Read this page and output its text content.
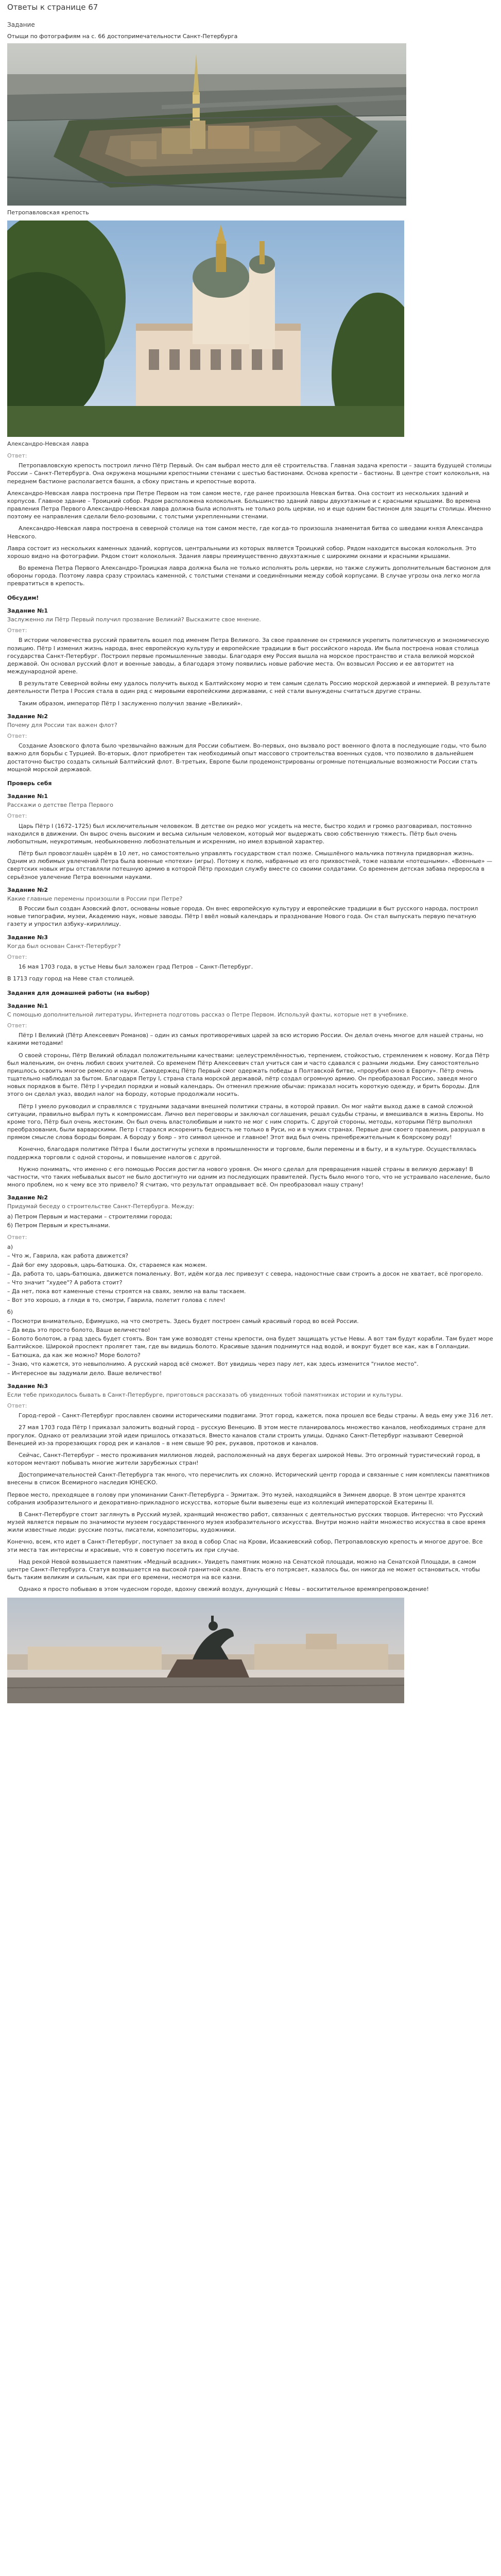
Ответы к странице 67
Задание
Отыщи по фотографиям на с. 66 достопримечательности Санкт-Петербурга
Петропавловская крепость
Александро-Невская лавра
Ответ:

Петропавловскую крепость построил лично Пётр Первый. Он сам выбрал место для её строительства. Главная задача крепости – защита будущей столицы России – Санкт-Петербурга. Она окружена мощными крепостными стенами с шестью бастионами. Основа крепости – бастионы. В центре стоит колокольня, на переднем бастионе располагается башня, а сбоку пристань и крепостные ворота.

Александро-Невская лавра построена при Петре Первом на том самом месте, где ранее произошла Невская битва. Она состоит из нескольких зданий и корпусов. Главное здание – Троицкий собор. Рядом расположена колокольня. Большинство зданий лавры двухэтажные и с красными крышами. Во времена правления Петра Первого Александро-Невская лавра должна была исполнять не только роль церкви, но и еще одним бастионом для защиты столицы. Именно поэтому ее направления сделали бело-розовыми, с толстыми укрепленными стенами.

Александро-Невская лавра построена в северной столице на том самом месте, где когда-то произошла знаменитая битва со шведами князя Александра Невского.

Лавра состоит из нескольких каменных зданий, корпусов, центральными из которых является Троицкий собор. Рядом находится высокая колокольня. Это хорошо видно на фотографии. Рядом стоит колокольня. Здания лавры преимущественно двухэтажные с широкими окнами и красными крышами.

Во времена Петра Первого Александро-Троицкая лавра должна была не только исполнять роль церкви, но также служить дополнительным бастионом для обороны города. Поэтому лавра сразу строилась каменной, с толстыми стенами и соединёнными между собой корпусами. В случае угрозы она легко могла превратиться в крепость.

Обсудим!
Задание №1
Заслуженно ли Пётр Первый получил прозвание Великий? Выскажите свое мнение.
Ответ:

В истории человечества русский правитель вошел под именем Петра Великого. За свое правление он стремился укрепить политическую и экономическую позицию. Пётр I изменил жизнь народа, внес европейскую культуру и европейские традиции в быт российского народа. Им была построена новая столица государства Санкт-Петербург. Построил первые промышленные заводы. Благодаря ему Россия вышла на морское пространство и стала великой морской державой. Он основал русский флот и военные заводы, а благодаря этому появились новые рабочие места. Он возвысил Россию и ее авторитет на международной арене.

В результате Северной войны ему удалось получить выход к Балтийскому морю и тем самым сделать Россию морской державой и империей. В результате деятельности Петра I Россия стала в один ряд с мировыми европейскими державами, с ней стали вынуждены считаться другие страны.

Таким образом, император Пётр I заслуженно получил звание «Великий».

Задание №2
Почему для России так важен флот?
Ответ:

Создание Азовского флота было чрезвычайно важным для России событием. Во-первых, оно вызвало рост военного флота в последующие годы, что было важно для борьбы с Турцией. Во-вторых, флот приобретен так необходимый опыт массового строительства военных судов, что позволило в дальнейшем достаточно быстро создать сильный Балтийский флот. В-третьих, Европе были продемонстрированы огромные потенциальные возможности России стать мощной морской державой.

Проверь себя
Задание №1
Расскажи о детстве Петра Первого
Ответ:

Царь Пётр I (1672–1725) был исключительным человеком. В детстве он редко мог усидеть на месте, быстро ходил и громко разговаривал, постоянно находился в движении. Он вырос очень высоким и весьма сильным человеком, который мог выдержать свою собственную тяжесть. Пётр был очень любопытным, неукротимым, необыкновенно любознательным и искренним, но имел взрывной характер.

Пётр был провозглашён царём в 10 лет, но самостоятельно управлять государством стал позже. Смышлёного мальчика потянула придворная жизнь. Одним из любимых увлечений Петра была военные «потехи» (игры). Потому к полю, набранные из его прихвостней, тоже назвали «потешными». «Военные» — свертских новых игры отставляли потешную армию в которой Пётр проходил службу вместе со своими солдатами. Со временем детская забава переросла в серьёзное увлечение Петра военными науками.

Задание №2
Какие главные перемены произошли в России при Петре?

В России был создан Азовский флот, основаны новые города. Он внес европейскую культуру и европейские традиции в быт русского народа, построил новые типографии, музеи, Академию наук, новые заводы. Пётр I ввёл новый календарь и празднование Нового года. Он стал выпускать первую печатную газету и упростил азбуку–кириллицу.

Задание №3
Когда был основан Санкт-Петербург?
Ответ:

16 мая 1703 года, в устье Невы был заложен град Петров – Санкт-Петербург.

В 1713 году город на Неве стал столицей.

Задания для домашней работы (на выбор)
Задание №1
С помощью дополнительной литературы, Интернета подготовь рассказ о Петре Первом. Используй факты, которые нет в учебнике.
Ответ:

Пётр I Великий (Пётр Алексеевич Романов) – один из самых противоречивых царей за всю историю России. Он делал очень многое для нашей страны, но какими методами!

О своей стороны, Пётр Великий обладал положительными качествами: целеустремлённостью, терпением, стойкостью, стремлением к новому. Когда Пётр был маленьким, он очень любил своих учителей. Со временем Пётр Алексеевич стал учиться сам и часто сдавался с разными людьми. Ему самостоятельно пришлось освоить многое ремесло и науки. Самодержец Пётр Первый смог одержать победы в Полтавской битве, «прорубил окно в Европу». Пётр очень тщательно наблюдал за бытом. Благодаря Петру I, страна стала морской державой, пётр создал огромную армию. Он преобразовал Россию, заведя много новых порядков в быте. Пётр I учредил порядки и новый календарь. Он отменил прежние обычаи: приказал носить короткую одежду, и брить бороды. Для этого он сделал указ, вводил налог на бороду, которые продолжали носить.

Пётр I умело руководил и справлялся с трудными задачами внешней политики страны, в которой правил. Он мог найти выход даже в самой сложной ситуации, правильно выбрал путь к компромиссам. Лично вел переговоры и заключал соглашения, решал судьбы страны, и вмешивался в жизнь Европы. Но кроме того, Пётр был очень жестоким. Он был очень властолюбивым и никто не мог с ним спорить. С другой стороны, методы, которыми Пётр выполнял преобразования, были варварскими. Петр I старался искоренить бедность не только в Руси, но и в чужих странах. Первые дни своего правления, разрушал в прямом смысле слова бороды боярам. А бороду у бояр – это символ ценное и главное! Этот вид был очень пренебрежительным к боярскому роду!

Конечно, благодаря политике Пётра I были достигнуты успехи в промышленности и торговле, были перемены и в быту, и в культуре. Осуществлялась поддержка торговли с одной стороны, и повышение налогов с другой.

Нужно понимать, что именно с его помощью Россия достигла нового уровня. Он много сделал для превращения нашей страны в великую державу! В частности, что таких небывалых высот не было достигнуто ни одним из последующих правителей. Пусть было много того, что не устраивало население, было много проблем, но к чему все это привело? Я считаю, что результат оправдывает всё. Он преобразовал нашу страну!

Задание №2
Придумай беседу о строительстве Санкт-Петербурга. Между:
а) Петром Первым и мастерами – строителями города;
б) Петром Первым и крестьянами.
Ответ:
а)
– Что ж, Гаврила, как работа движется?
– Дай бог ему здоровья, царь-батюшка. Ох, стараемся как можем.
– Да, работа то, царь-батюшка, движется помаленьку. Вот, идём когда лес привезут с севера, надоностные сваи строить а досок не хватает, всё прогорело.
– Что значит "худее"? А работа стоит?
– Да нет, пока вот каменные стены строятся на сваях, землю на валы таскаем.
– Вот это хорошо, а гляди в то, смотри, Гаврила, полетит голова с плеч!
б)
– Посмотри внимательно, Ефимушко, на что смотреть. Здесь будет построен самый красивый город во всей России.
– Да ведь это просто болото, Ваше величество!
– Болото болотом, а град здесь будет стоять. Вон там уже возводят стены крепости, она будет защищать устье Невы. А вот там будут корабли. Там будет море Балтийское. Широкой проспект пролягет там, где вы видишь болото. Красивые здания поднимутся над водой, и вокруг будет все как, как в Голландии.
– Батюшка, да как же можно? Море болото?
– Знаю, что кажется, это невыполнимо. А русский народ всё сможет. Вот увидишь через пару лет, как здесь изменится "гнилое место".
– Интересное вы задумали дело. Ваше величество!
Задание №3
Если тебе приходилось бывать в Санкт-Петербурге, приготовься рассказать об увиденных тобой памятниках истории и культуры.
Ответ:

Город-герой – Санкт-Петербург прославлен своими историческими подвигами. Этот город, кажется, пока прошел все беды страны. А ведь ему уже 316 лет.

27 мая 1703 года Пётр I приказал заложить водный город – русскую Венецию. В этом месте планировалось множество каналов, необходимых стране для прогулок. Однако от реализации этой идеи пришлось отказаться. Вместо каналов стали строить улицы. Однако Санкт-Петербург называют Северной Венецией из-за прорезающих город рек и каналов – в нем свыше 90 рек, рукавов, протоков и каналов.

Сейчас, Санкт-Петербург – место проживания миллионов людей, расположенный на двух берегах широкой Невы. Это огромный туристический город, в котором мечтают побывать многие жители зарубежных стран!

Достопримечательностей Санкт-Петербурга так много, что перечислить их сложно. Исторический центр города и связанные с ним комплексы памятников внесены в список Всемирного наследия ЮНЕСКО.

Первое место, преходящее в голову при упоминании Санкт-Петербурга – Эрмитаж. Это музей, находящийся в Зимнем дворце. В этом центре хранятся собрания изобразительного и декоративно-прикладного искусства, которые были вывезены еще из коллекций императорской Екатерины II.

В Санкт-Петербурге стоит заглянуть в Русский музей, хранящий множество работ, связанных с деятельностью русских творцов. Интересно: что Русский музей является первым по значимости музеем государственного музея изобразительного искусства. Внутри можно найти множество искусства в свое время жили известные люди: русские поэты, писатели, композиторы, художники.

Конечно, всем, кто идет в Санкт-Петербург, поступает за вход в собор Спас на Крови, Исаакиевский собор, Петропавловскую крепость и многое другое. Все эти места так интересны и красивые, что я советую посетить их при случае.

Над рекой Невой возвышается памятник «Медный всадник». Увидеть памятник можно на Сенатской площади, можно на Сенатской Площади, в самом центре Санкт-Петербурга. Статуя возвышается на высокой гранитной скале. Власть его потрясает, казалось бы, он никогда не может остановиться, чтобы быть таким великим и сильным, как при его времени, несмотря на все казни.

Однако я просто побываю в этом чудесном городе, вдохну свежий воздух, дунующий с Невы – восхитительное времяпрепровождение!
